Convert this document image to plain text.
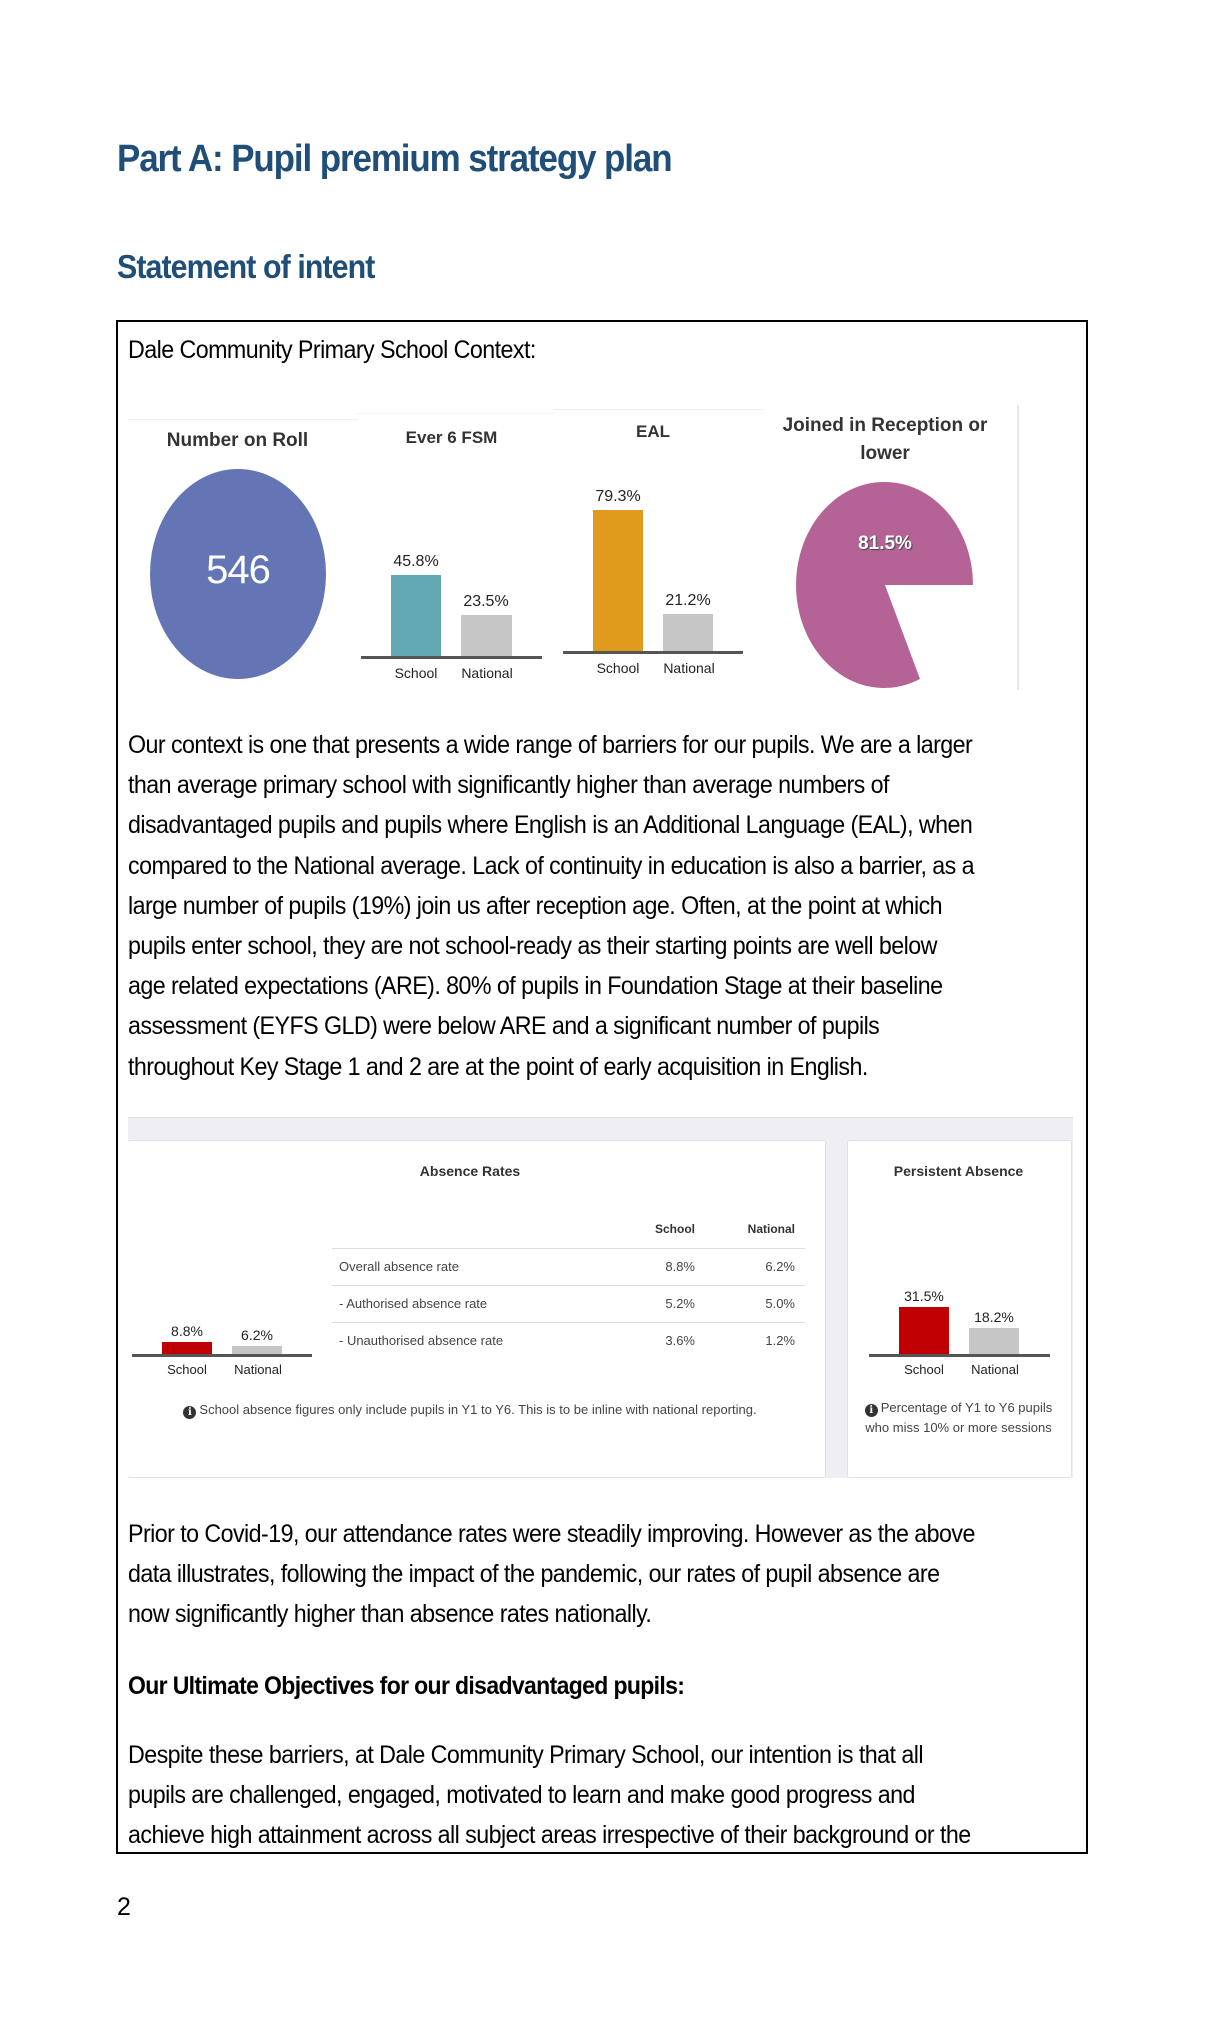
Part A: Pupil premium strategy plan
Statement of intent
Dale Community Primary School Context:
Number on Roll
546
Ever 6 FSM
45.8%
23.5%
School	National
EAL
79.3%
21.2%
School	National
Joined in Reception or
lower
81.5%
Our context is one that presents a wide range of barriers for our pupils. We are a larger
than average primary school with significantly higher than average numbers of
disadvantaged pupils and pupils where English is an Additional Language (EAL), when
compared to the National average. Lack of continuity in education is also a barrier, as a
large number of pupils (19%) join us after reception age. Often, at the point at which
pupils enter school, they are not school-ready as their starting points are well below
age related expectations (ARE). 80% of pupils in Foundation Stage at their baseline
assessment (EYFS GLD) were below ARE and a significant number of pupils
throughout Key Stage 1 and 2 are at the point of early acquisition in English.
Absence Rates
8.8%	6.2%
School	National
School	National
Overall absence rate	8.8%	6.2%
- Authorised absence rate	5.2%	5.0%
- Unauthorised absence rate	3.6%	1.2%
i School absence figures only include pupils in Y1 to Y6. This is to be inline with national reporting.
Persistent Absence
31.5%
18.2%
School	National
i Percentage of Y1 to Y6 pupils who miss 10% or more sessions
Prior to Covid-19, our attendance rates were steadily improving. However as the above
data illustrates, following the impact of the pandemic, our rates of pupil absence are
now significantly higher than absence rates nationally.
Our Ultimate Objectives for our disadvantaged pupils:
Despite these barriers, at Dale Community Primary School, our intention is that all
pupils are challenged, engaged, motivated to learn and make good progress and
achieve high attainment across all subject areas irrespective of their background or the
2
